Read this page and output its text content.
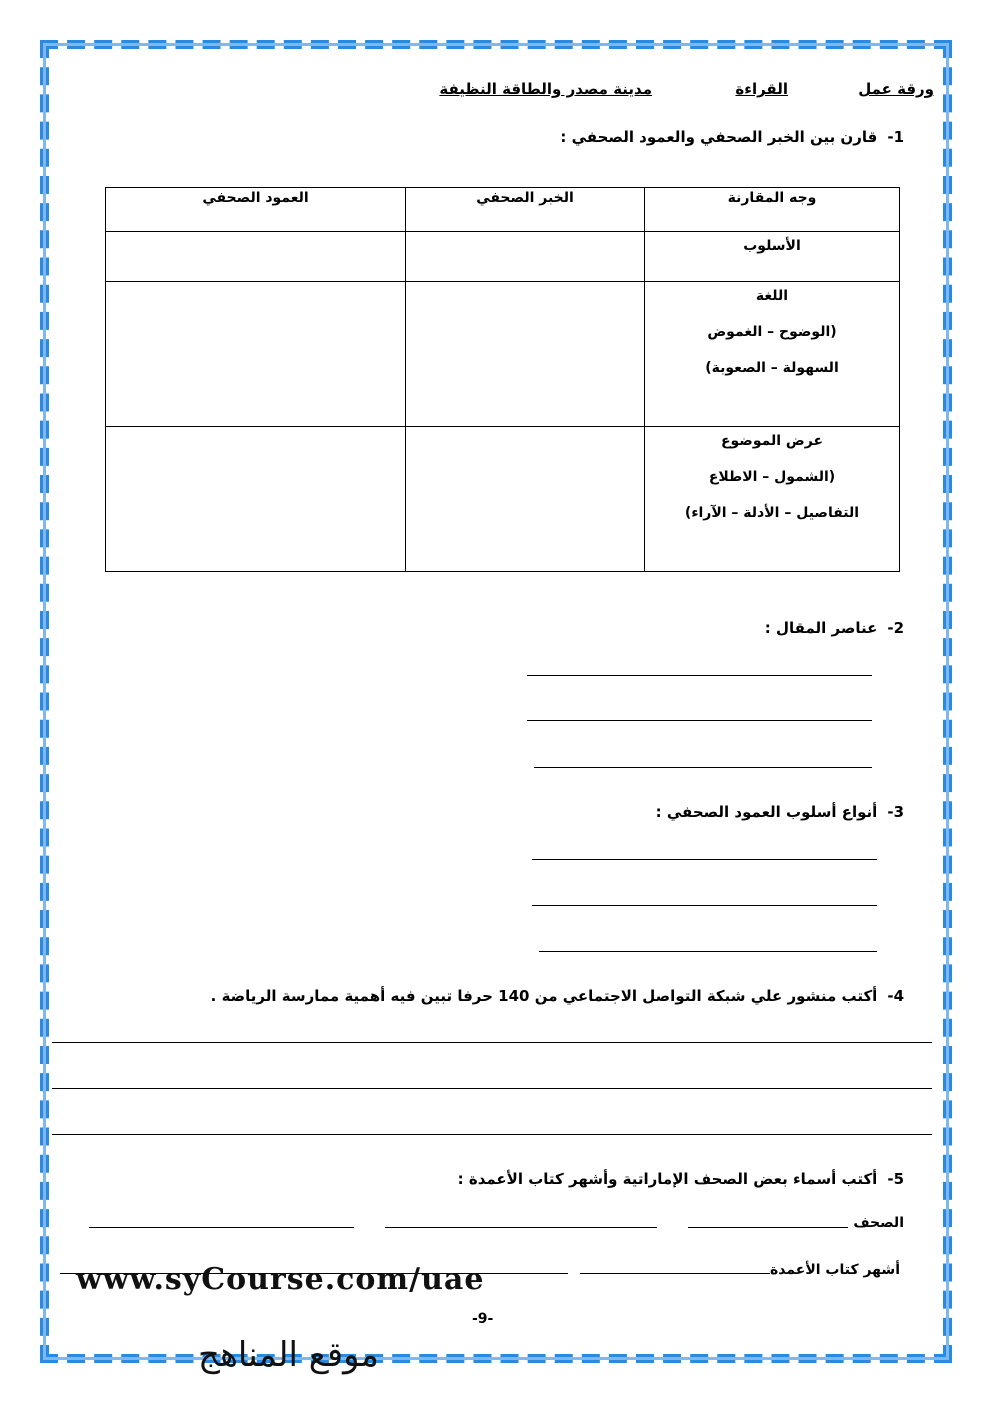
ورقة عمل
القراءة
مدينة مصدر والطاقة النظيفة
1-قارن بين الخبر الصحفي والعمود الصحفي :
العمود الصحفي	الخبر الصحفي	وجه المقارنة

		الأسلوب

		اللغة
(الوضوح – الغموض
السهولة – الصعوبة)

		عرض الموضوع
(الشمول – الاطلاع
التفاصيل – الأدلة – الآراء)
2-عناصر المقال :
3-أنواع أسلوب العمود الصحفي :
4-أكتب منشور علي شبكة التواصل الاجتماعي من 140 حرفا تبين فيه أهمية ممارسة الرياضة .
5-أكتب أسماء بعض الصحف الإماراتية وأشهر كتاب الأعمدة :
الصحف
أشهر كتاب الأعمدة
www.syCourse.com/uae
-9-
موقع المناهج
